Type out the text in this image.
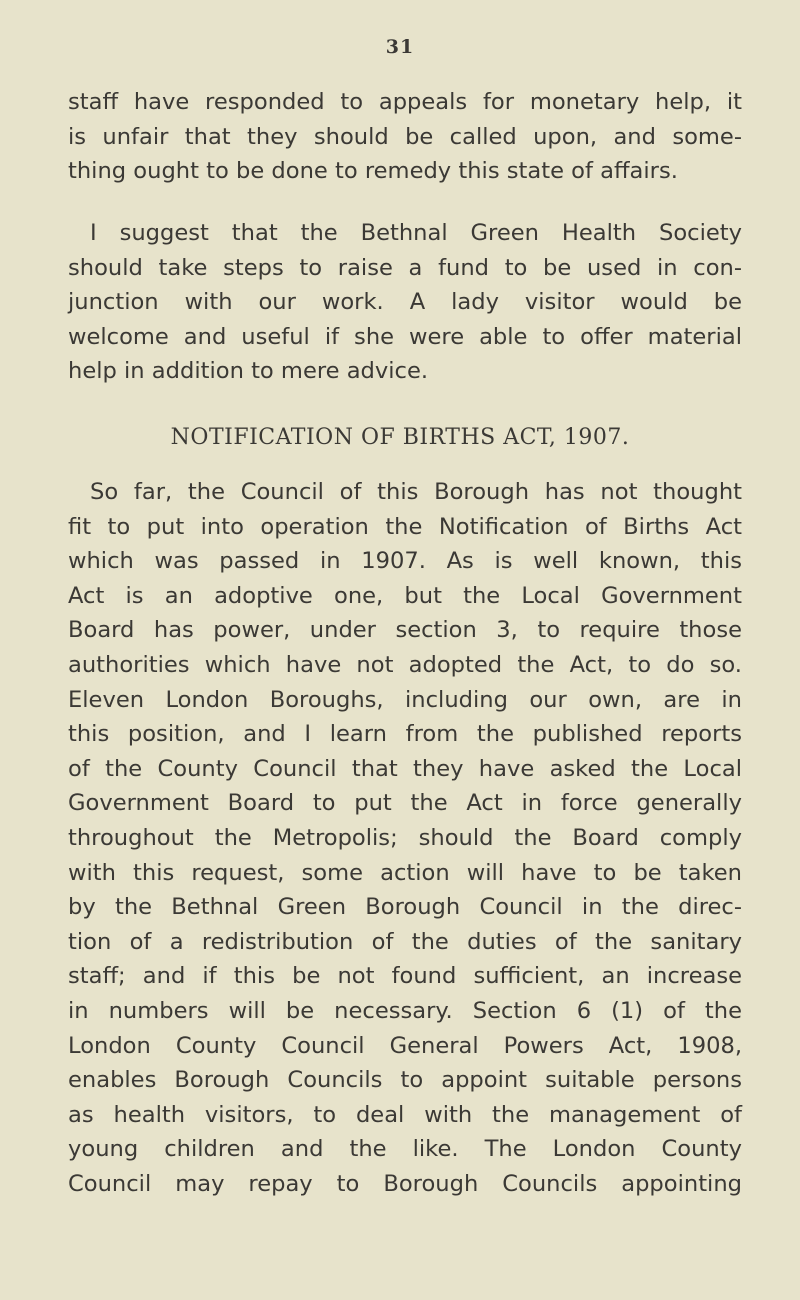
31
staff have responded to appeals for monetary help, it
is unfair that they should be called upon, and some-
thing ought to be done to remedy this state of affairs.
I suggest that the Bethnal Green Health Society
should take steps to raise a fund to be used in con-
junction with our work. A lady visitor would be
welcome and useful if she were able to offer material
help in addition to mere advice.
NOTIFICATION OF BIRTHS ACT, 1907.
So far, the Council of this Borough has not thought
fit to put into operation the Notification of Births Act
which was passed in 1907. As is well known, this
Act is an adoptive one, but the Local Government
Board has power, under section 3, to require those
authorities which have not adopted the Act, to do so.
Eleven London Boroughs, including our own, are in
this position, and I learn from the published reports
of the County Council that they have asked the Local
Government Board to put the Act in force generally
throughout the Metropolis; should the Board comply
with this request, some action will have to be taken
by the Bethnal Green Borough Council in the direc-
tion of a redistribution of the duties of the sanitary
staff; and if this be not found sufficient, an increase
in numbers will be necessary. Section 6 (1) of the
London County Council General Powers Act, 1908,
enables Borough Councils to appoint suitable persons
as health visitors, to deal with the management of
young children and the like. The London County
Council may repay to Borough Councils appointing
